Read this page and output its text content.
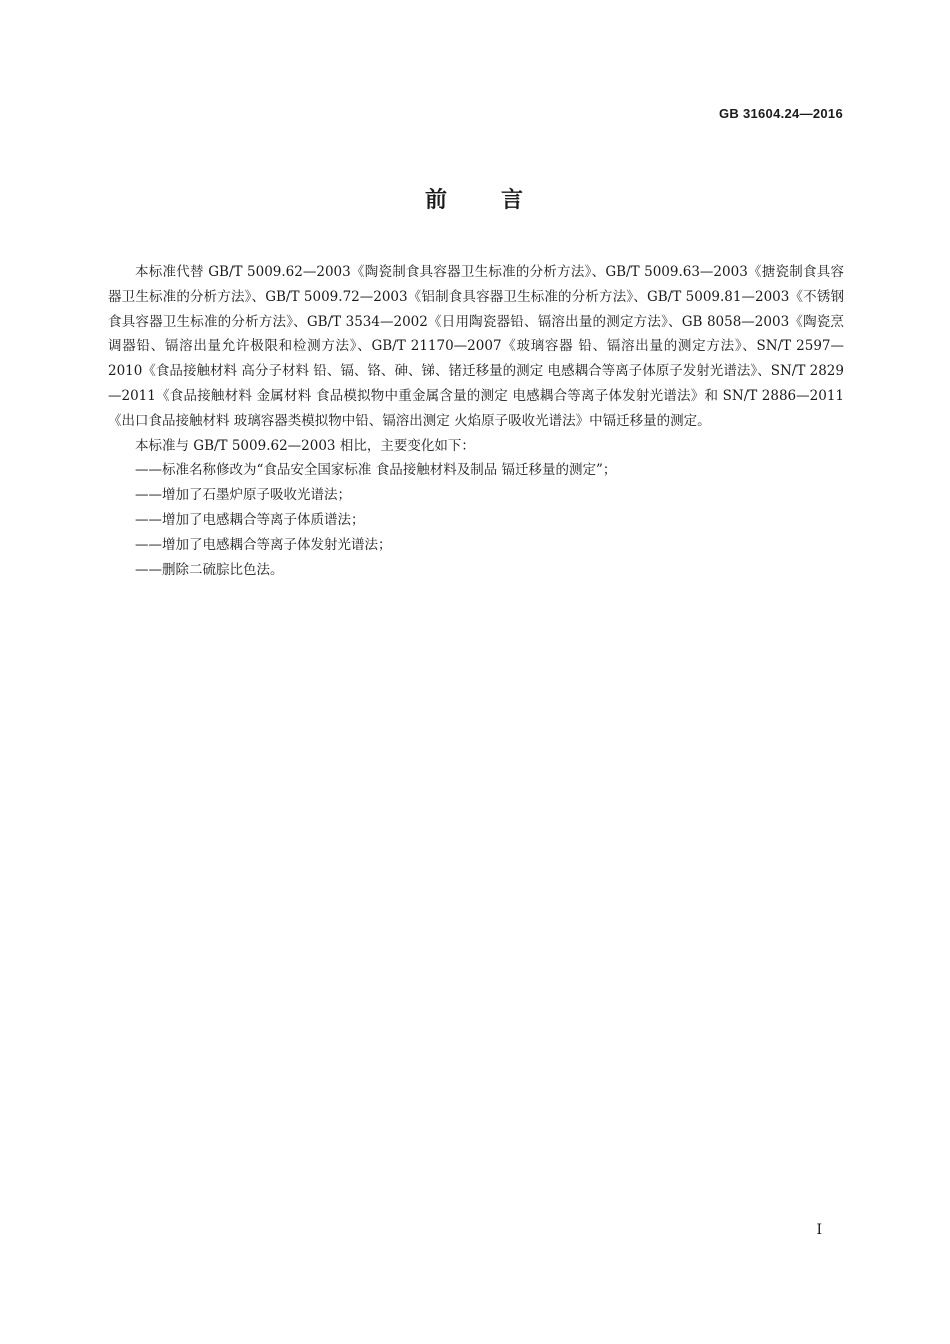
GB 31604.24—2016

前 言

本标准代替 GB/T 5009.62—2003《陶瓷制食具容器卫生标准的分析方法》、GB/T 5009.63—2003《搪瓷制食具容器卫生标准的分析方法》、GB/T 5009.72—2003《铝制食具容器卫生标准的分析方法》、GB/T 5009.81—2003《不锈钢食具容器卫生标准的分析方法》、GB/T 3534—2002《日用陶瓷器铅、镉溶出量的测定方法》、GB 8058—2003《陶瓷烹调器铅、镉溶出量允许极限和检测方法》、GB/T 21170—2007《玻璃容器 铅、镉溶出量的测定方法》、SN/T 2597—2010《食品接触材料 高分子材料 铅、镉、铬、砷、锑、锗迁移量的测定 电感耦合等离子体原子发射光谱法》、SN/T 2829—2011《食品接触材料 金属材料 食品模拟物中重金属含量的测定 电感耦合等离子体发射光谱法》和 SN/T 2886—2011《出口食品接触材料 玻璃容器类模拟物中铅、镉溶出测定 火焰原子吸收光谱法》中镉迁移量的测定。

本标准与 GB/T 5009.62—2003 相比，主要变化如下：

——标准名称修改为“食品安全国家标准 食品接触材料及制品 镉迁移量的测定”；

——增加了石墨炉原子吸收光谱法；

——增加了电感耦合等离子体质谱法；

——增加了电感耦合等离子体发射光谱法；

——删除二硫腙比色法。

I
